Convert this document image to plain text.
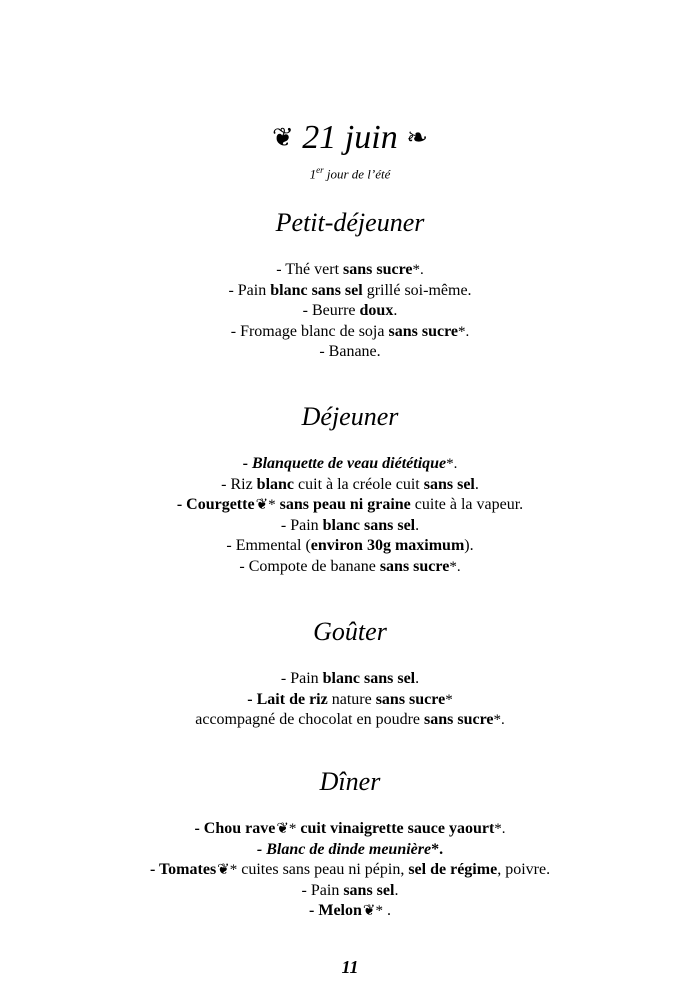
❦ 21 juin ❧
1er jour de l’été
Petit-déjeuner
- Thé vert sans sucre*.
- Pain blanc sans sel grillé soi-même.
- Beurre doux.
- Fromage blanc de soja sans sucre*.
- Banane.
Déjeuner
- Blanquette de veau diététique*.
- Riz blanc cuit à la créole cuit sans sel.
- Courgette❦* sans peau ni graine cuite à la vapeur.
- Pain blanc sans sel.
- Emmental (environ 30g maximum).
- Compote de banane sans sucre*.
Goûter
- Pain blanc sans sel.
- Lait de riz nature sans sucre*
accompagné de chocolat en poudre sans sucre*.
Dîner
- Chou rave❦* cuit vinaigrette sauce yaourt*.
- Blanc de dinde meunière*.
- Tomates❦* cuites sans peau ni pépin, sel de régime, poivre.
- Pain sans sel.
- Melon❦* .
11
